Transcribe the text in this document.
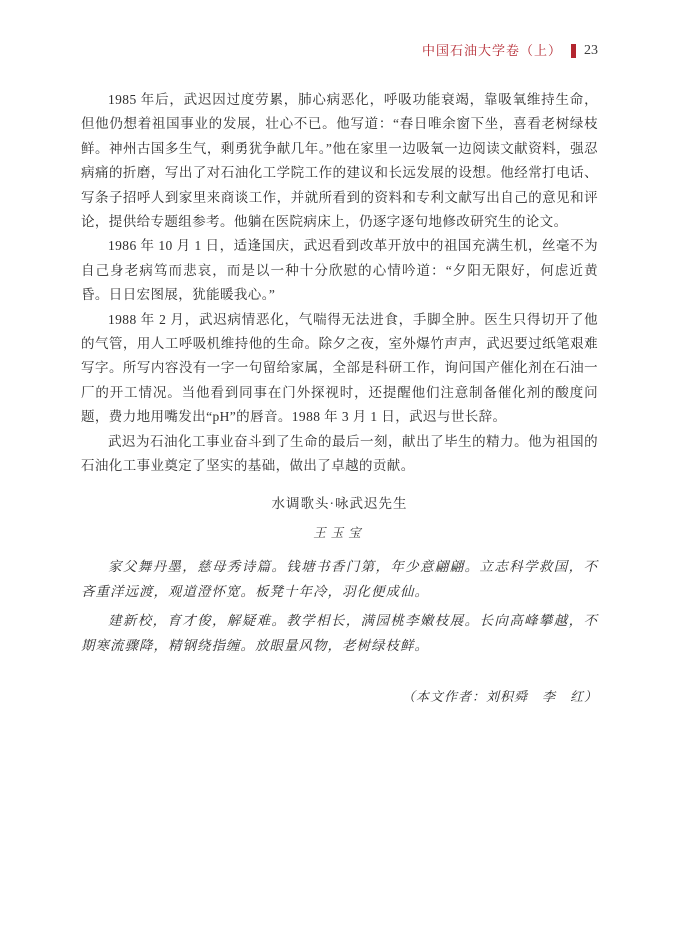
中国石油大学卷（上） 23

1985 年后，武迟因过度劳累，肺心病恶化，呼吸功能衰竭，靠吸氧维持生命，但他仍想着祖国事业的发展，壮心不已。他写道：“春日唯余窗下坐，喜看老树绿枝鲜。神州古国多生气，剩勇犹争献几年。”他在家里一边吸氧一边阅读文献资料，强忍病痛的折磨，写出了对石油化工学院工作的建议和长远发展的设想。他经常打电话、写条子招呼人到家里来商谈工作，并就所看到的资料和专利文献写出自己的意见和评论，提供给专题组参考。他躺在医院病床上，仍逐字逐句地修改研究生的论文。

1986 年 10 月 1 日，适逢国庆，武迟看到改革开放中的祖国充满生机，丝毫不为自己身老病笃而悲哀，而是以一种十分欣慰的心情吟道：“夕阳无限好，何虑近黄昏。日日宏图展，犹能暖我心。”

1988 年 2 月，武迟病情恶化，气喘得无法进食，手脚全肿。医生只得切开了他的气管，用人工呼吸机维持他的生命。除夕之夜，室外爆竹声声，武迟要过纸笔艰难写字。所写内容没有一字一句留给家属，全部是科研工作，询问国产催化剂在石油一厂的开工情况。当他看到同事在门外探视时，还提醒他们注意制备催化剂的酸度问题，费力地用嘴发出“pH”的唇音。1988 年 3 月 1 日，武迟与世长辞。

武迟为石油化工事业奋斗到了生命的最后一刻，献出了毕生的精力。他为祖国的石油化工事业奠定了坚实的基础，做出了卓越的贡献。

水调歌头·咏武迟先生

王玉宝

家父舞丹墨，慈母秀诗篇。钱塘书香门第，年少意翩翩。立志科学救国，不吝重洋远渡，观道澄怀宽。板凳十年冷，羽化便成仙。

建新校，育才俊，解疑难。教学相长，满园桃李嫩枝展。长向高峰攀越，不期寒流骤降，精钢绕指缠。放眼量风物，老树绿枝鲜。

（本文作者：刘积舜　李　红）
